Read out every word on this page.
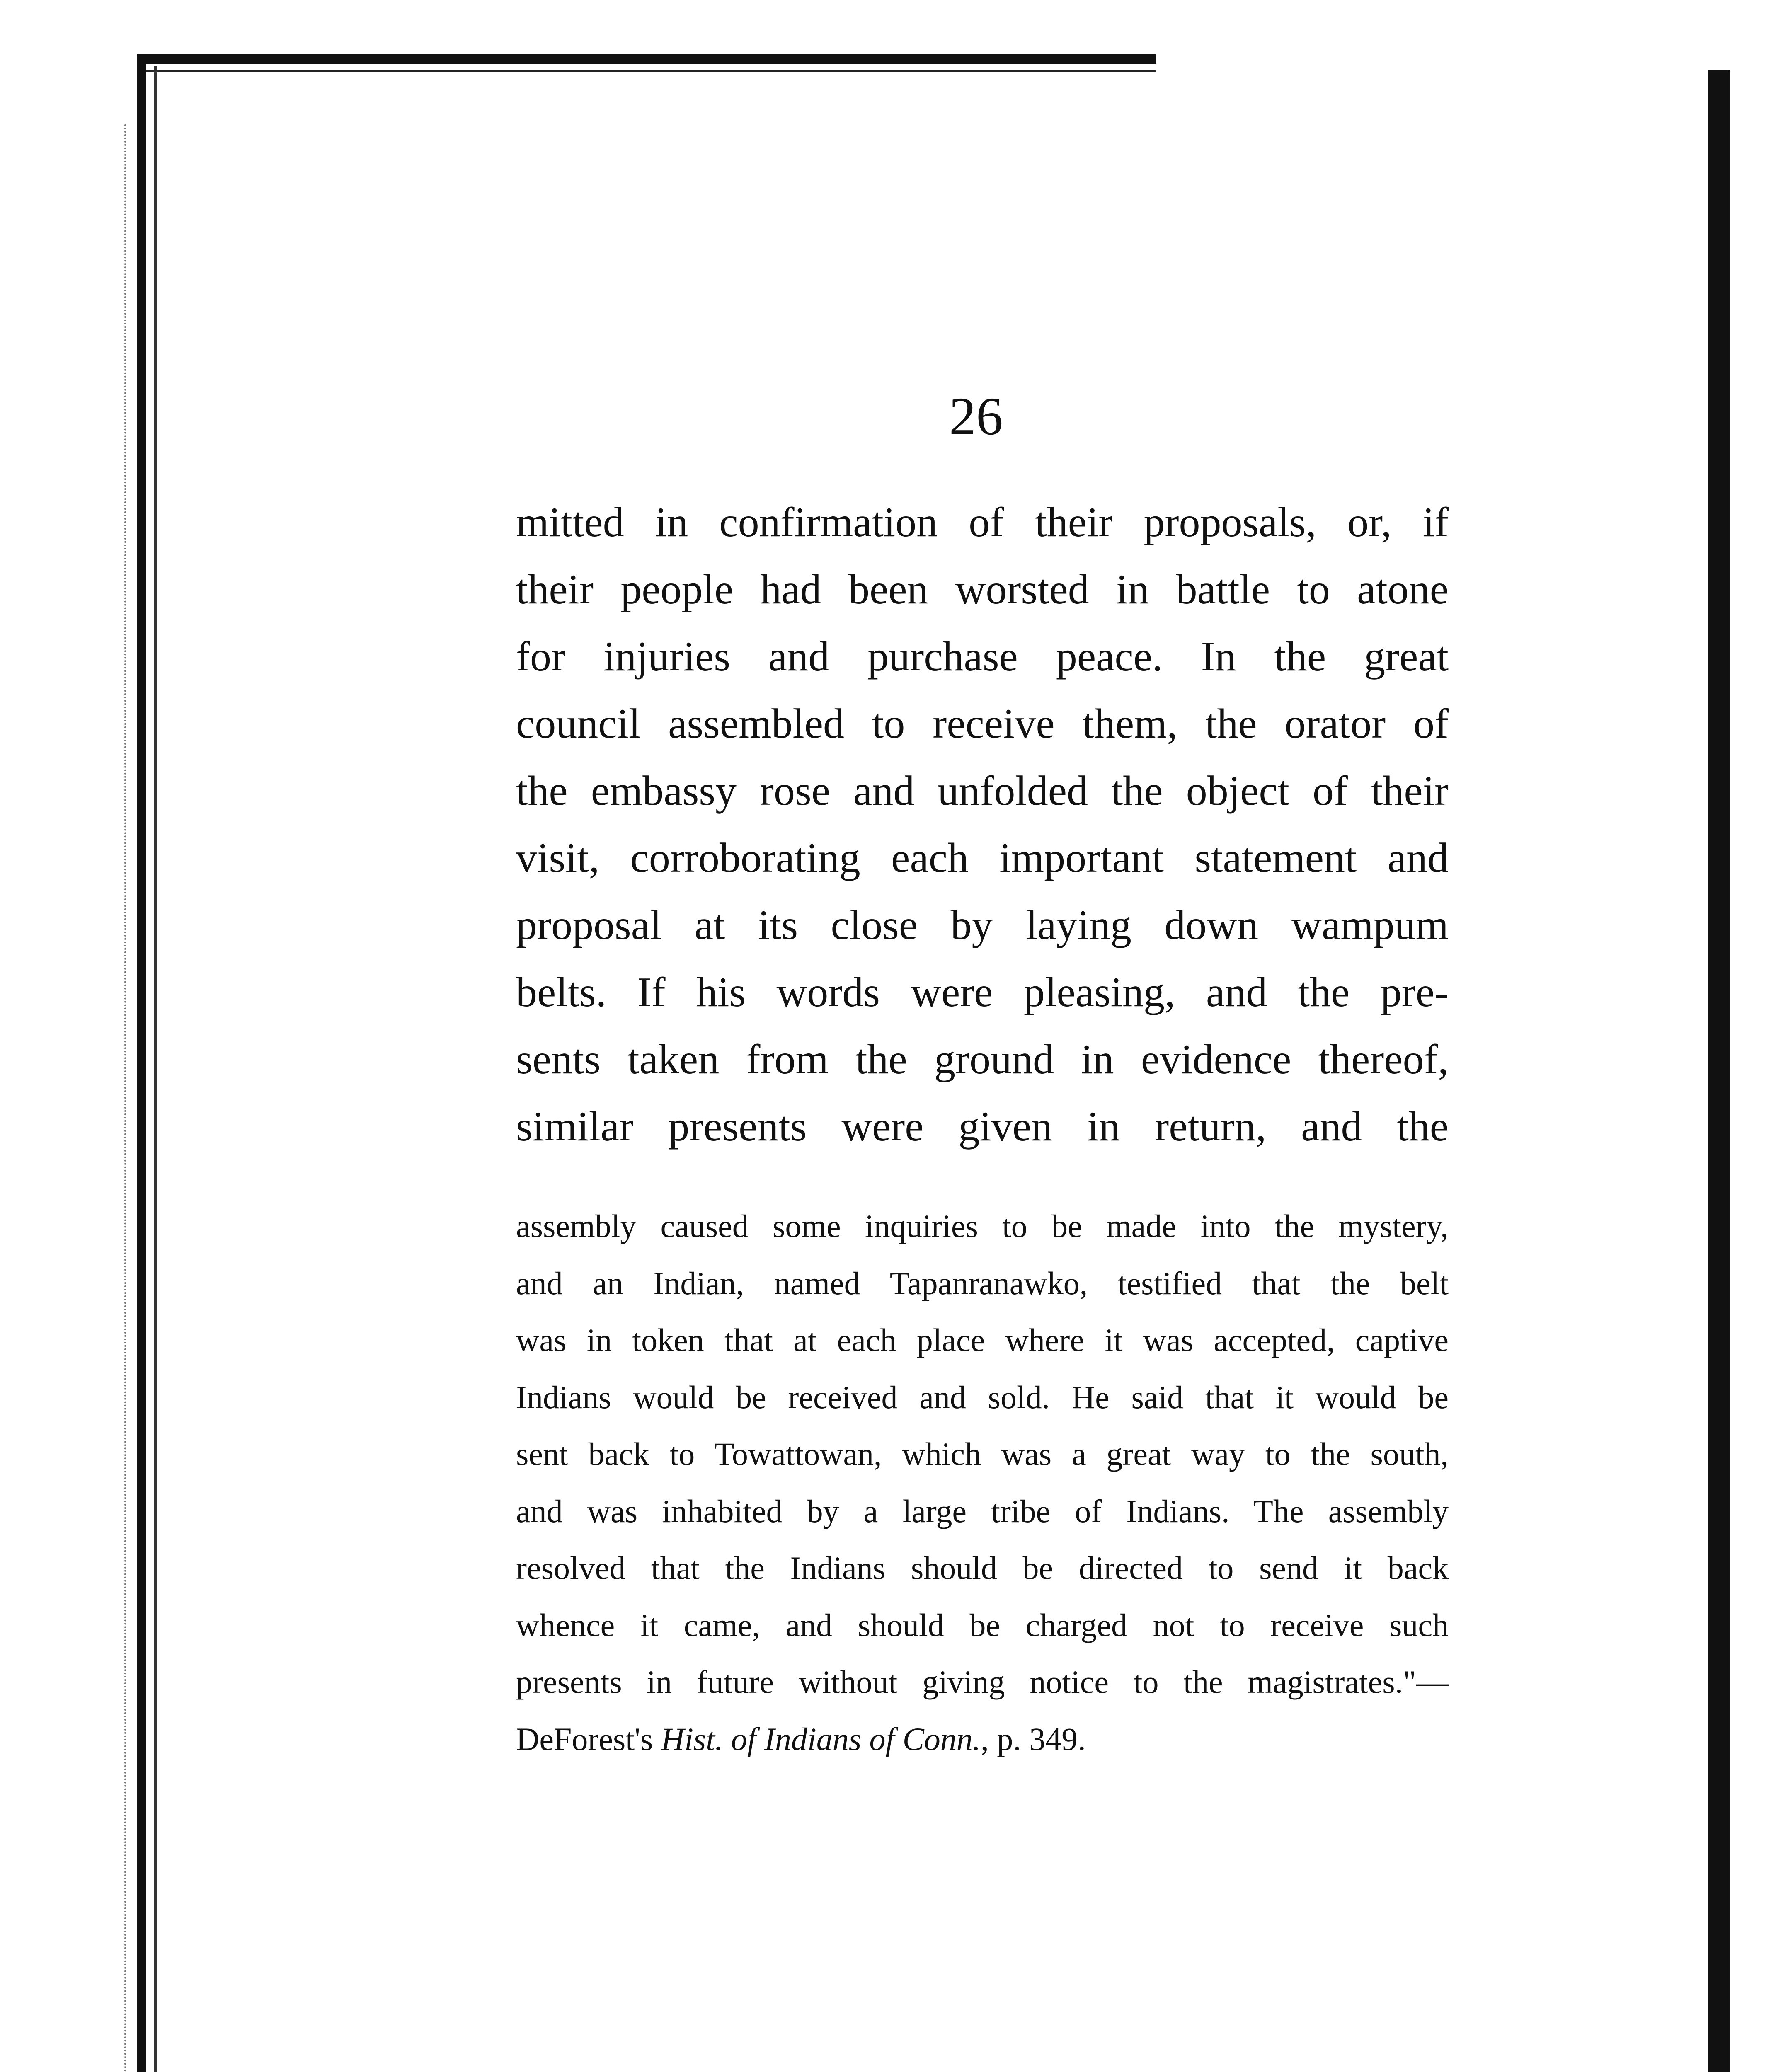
26
mitted in confirmation of their proposals, or, if
their people had been worsted in battle to atone
for injuries and purchase peace. In the great
council assembled to receive them, the orator of
the embassy rose and unfolded the object of their
visit, corroborating each important statement and
proposal at its close by laying down wampum
belts. If his words were pleasing, and the pre-
sents taken from the ground in evidence thereof,
similar presents were given in return, and the
assembly caused some inquiries to be made into the mystery,
and an Indian, named Tapanranawko, testified that the belt
was in token that at each place where it was accepted, captive
Indians would be received and sold. He said that it would be
sent back to Towattowan, which was a great way to the south,
and was inhabited by a large tribe of Indians. The assembly
resolved that the Indians should be directed to send it back
whence it came, and should be charged not to receive such
presents in future without giving notice to the magistrates."—
DeForest's Hist. of Indians of Conn., p. 349.
